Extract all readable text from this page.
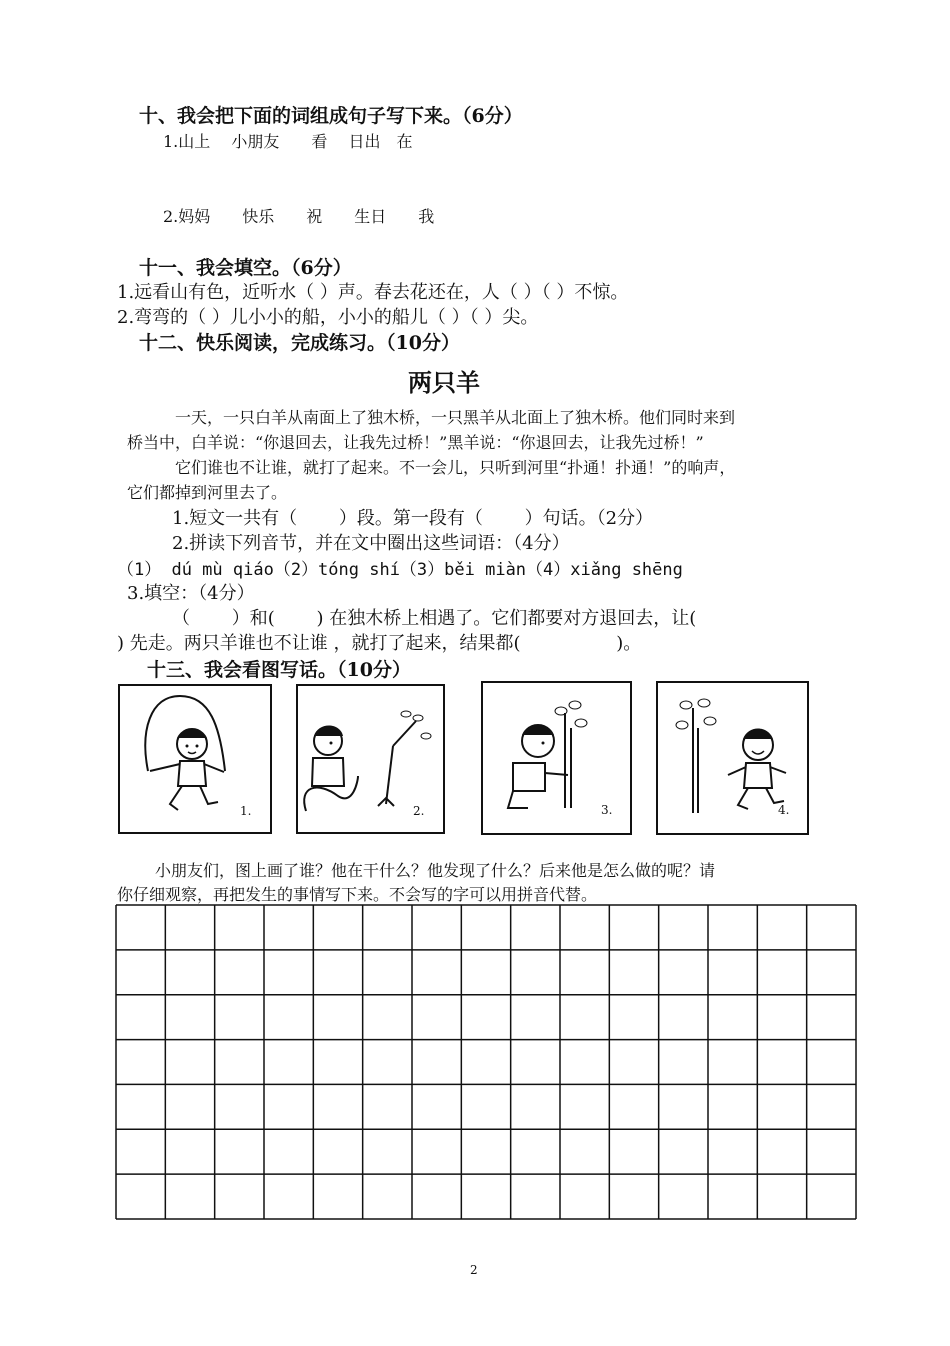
十、我会把下面的词组成句子写下来。（6分）
1.山上　 小朋友　　看　 日出　在
2.妈妈　　快乐　　祝　　生日　　我
十一、我会填空。（6分）
1.远看山有色，近听水（ ）声。春去花还在，人（ ）（ ）不惊。
2.弯弯的（ ）儿小小的船，小小的船儿（ ）（ ）尖。
十二、快乐阅读，完成练习。（10分）
两只羊
一天，一只白羊从南面上了独木桥，一只黑羊从北面上了独木桥。他们同时来到
桥当中，白羊说：“你退回去，让我先过桥！”黑羊说：“你退回去，让我先过桥！”
它们谁也不让谁，就打了起来。不一会儿，只听到河里“扑通！扑通！”的响声，
它们都掉到河里去了。
1.短文一共有（　　 ）段。第一段有（　　 ）句话。（2分）
2.拼读下列音节，并在文中圈出这些词语：（4分）
（1） dú mù qiáo（2）tóng shí（3）běi miàn（4）xiǎng shēng
3.填空：（4分）
（　　 ）和(　　 ) 在独木桥上相遇了。它们都要对方退回去，让(
) 先走。两只羊谁也不让谁 ，就打了起来，结果都(　　　　　 )。
十三、我会看图写话。（10分）
1.	2.	3.	4.
小朋友们，图上画了谁？他在干什么？他发现了什么？后来他是怎么做的呢？请
你仔细观察，再把发生的事情写下来。不会写的字可以用拼音代替。
2
